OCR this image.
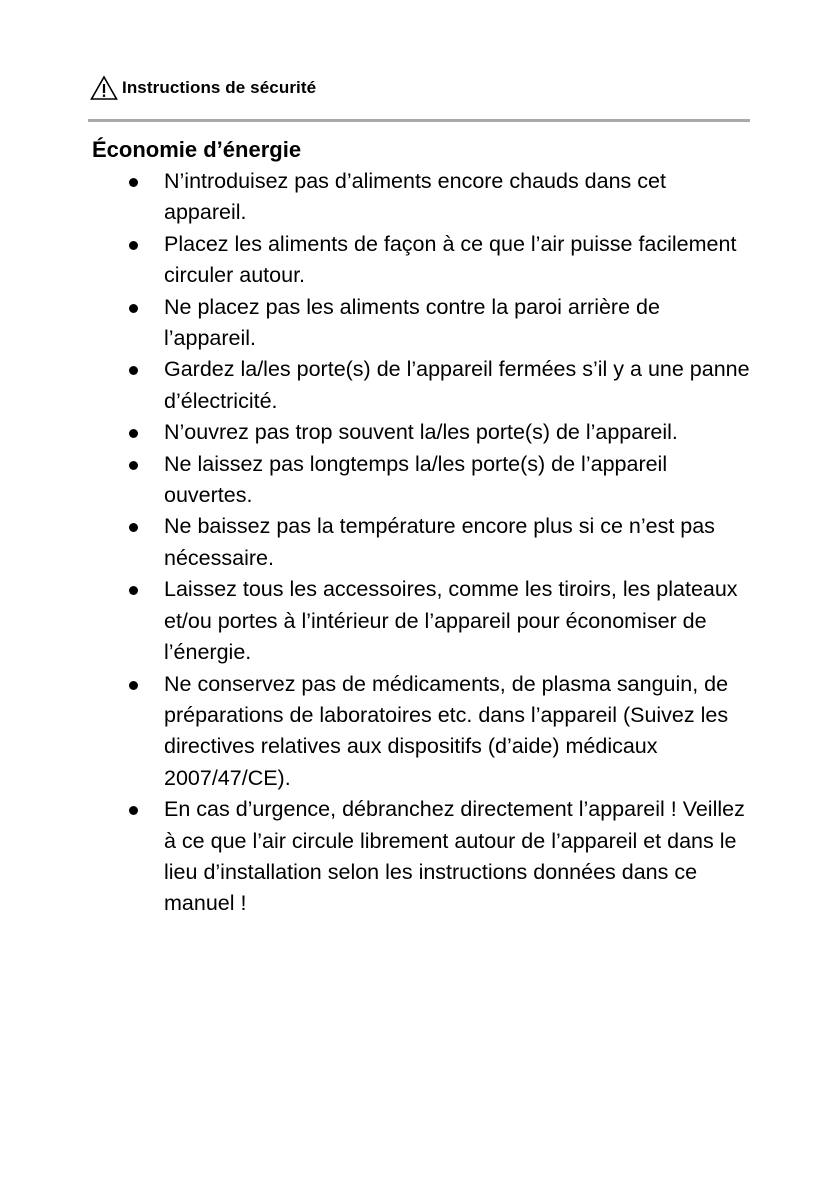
Instructions de sécurité
Économie d’énergie
N’introduisez pas d’aliments encore chauds dans cet appareil.
Placez les aliments de façon à ce que l’air puisse facilement circuler autour.
Ne placez pas les aliments contre la paroi arrière de l’appareil.
Gardez la/les porte(s) de l’appareil fermées s’il y a une panne d’électricité.
N’ouvrez pas trop souvent la/les porte(s) de l’appareil.
Ne laissez pas longtemps la/les porte(s) de l’appareil ouvertes.
Ne baissez pas la température encore plus si ce n’est pas nécessaire.
Laissez tous les accessoires, comme les tiroirs, les plateaux et/ou portes à l’intérieur de l’appareil pour économiser de l’énergie.
Ne conservez pas de médicaments, de plasma sanguin, de préparations de laboratoires etc. dans l’appareil (Suivez les directives relatives aux dispositifs (d’aide) médicaux 2007/47/CE).
En cas d’urgence, débranchez directement l’appareil ! Veillez à ce que l’air circule librement autour de l’appareil et dans le lieu d’installation selon les instructions données dans ce manuel !
